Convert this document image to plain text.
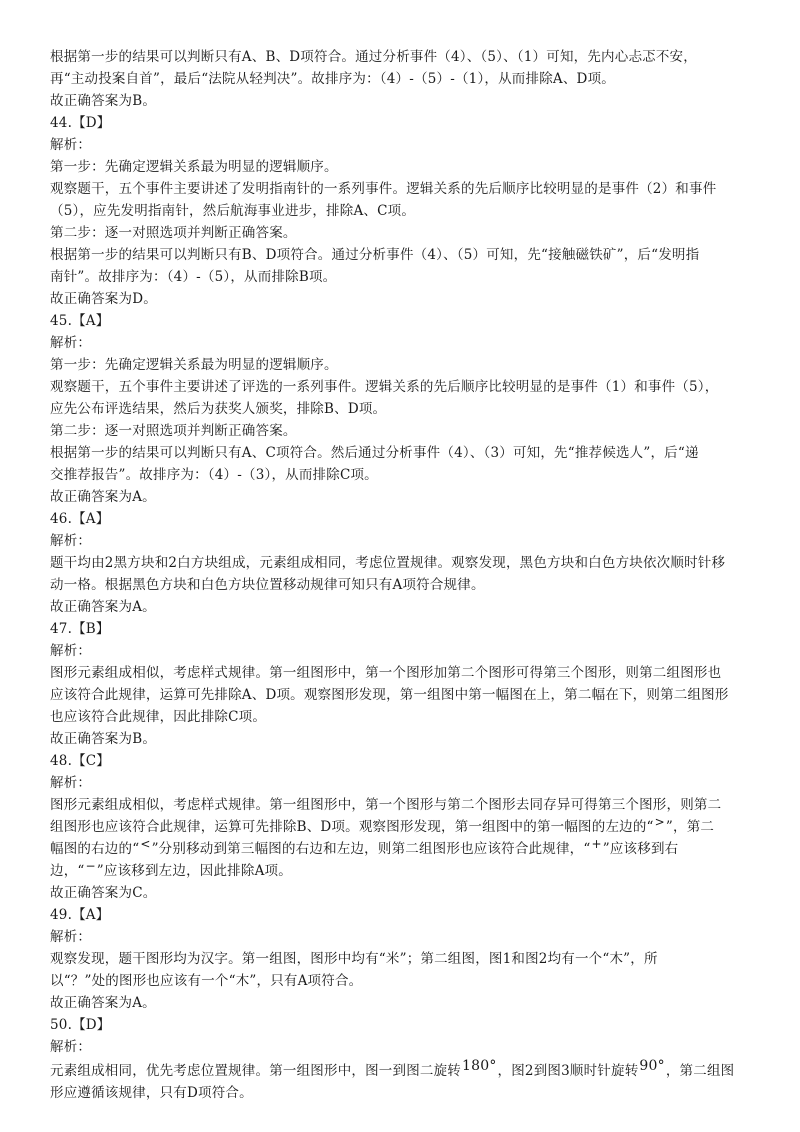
根据第一步的结果可以判断只有A、B、D项符合。通过分析事件（4）、（5）、（1）可知，先内心忐忑不安，
再“主动投案自首”，最后“法院从轻判决”。故排序为：（4）-（5）-（1），从而排除A、D项。
故正确答案为B。
44.【D】
解析：
第一步：先确定逻辑关系最为明显的逻辑顺序。
观察题干，五个事件主要讲述了发明指南针的一系列事件。逻辑关系的先后顺序比较明显的是事件（2）和事件
（5），应先发明指南针，然后航海事业进步，排除A、C项。
第二步：逐一对照选项并判断正确答案。
根据第一步的结果可以判断只有B、D项符合。通过分析事件（4）、（5）可知，先“接触磁铁矿”，后“发明指
南针”。故排序为：（4）-（5），从而排除B项。
故正确答案为D。
45.【A】
解析：
第一步：先确定逻辑关系最为明显的逻辑顺序。
观察题干，五个事件主要讲述了评选的一系列事件。逻辑关系的先后顺序比较明显的是事件（1）和事件（5），
应先公布评选结果，然后为获奖人颁奖，排除B、D项。
第二步：逐一对照选项并判断正确答案。
根据第一步的结果可以判断只有A、C项符合。然后通过分析事件（4）、（3）可知，先“推荐候选人”，后“递
交推荐报告”。故排序为：（4）-（3），从而排除C项。
故正确答案为A。
46.【A】
解析：
题干均由2黑方块和2白方块组成，元素组成相同，考虑位置规律。观察发现，黑色方块和白色方块依次顺时针移
动一格。根据黑色方块和白色方块位置移动规律可知只有A项符合规律。
故正确答案为A。
47.【B】
解析：
图形元素组成相似，考虑样式规律。第一组图形中，第一个图形加第二个图形可得第三个图形，则第二组图形也
应该符合此规律，运算可先排除A、D项。观察图形发现，第一组图中第一幅图在上，第二幅在下，则第二组图形
也应该符合此规律，因此排除C项。
故正确答案为B。
48.【C】
解析：
图形元素组成相似，考虑样式规律。第一组图形中，第一个图形与第二个图形去同存异可得第三个图形，则第二
组图形也应该符合此规律，运算可先排除B、D项。观察图形发现，第一组图中的第一幅图的左边的“>”，第二
幅图的右边的“<”分别移动到第三幅图的右边和左边，则第二组图形也应该符合此规律，“+”应该移到右
边，“−”应该移到左边，因此排除A项。
故正确答案为C。
49.【A】
解析：
观察发现，题干图形均为汉字。第一组图，图形中均有“米”；第二组图，图1和图2均有一个“木”，所
以“？”处的图形也应该有一个“木”，只有A项符合。
故正确答案为A。
50.【D】
解析：
元素组成相同，优先考虑位置规律。第一组图形中，图一到图二旋转180°，图2到图3顺时针旋转90°，第二组图
形应遵循该规律，只有D项符合。
